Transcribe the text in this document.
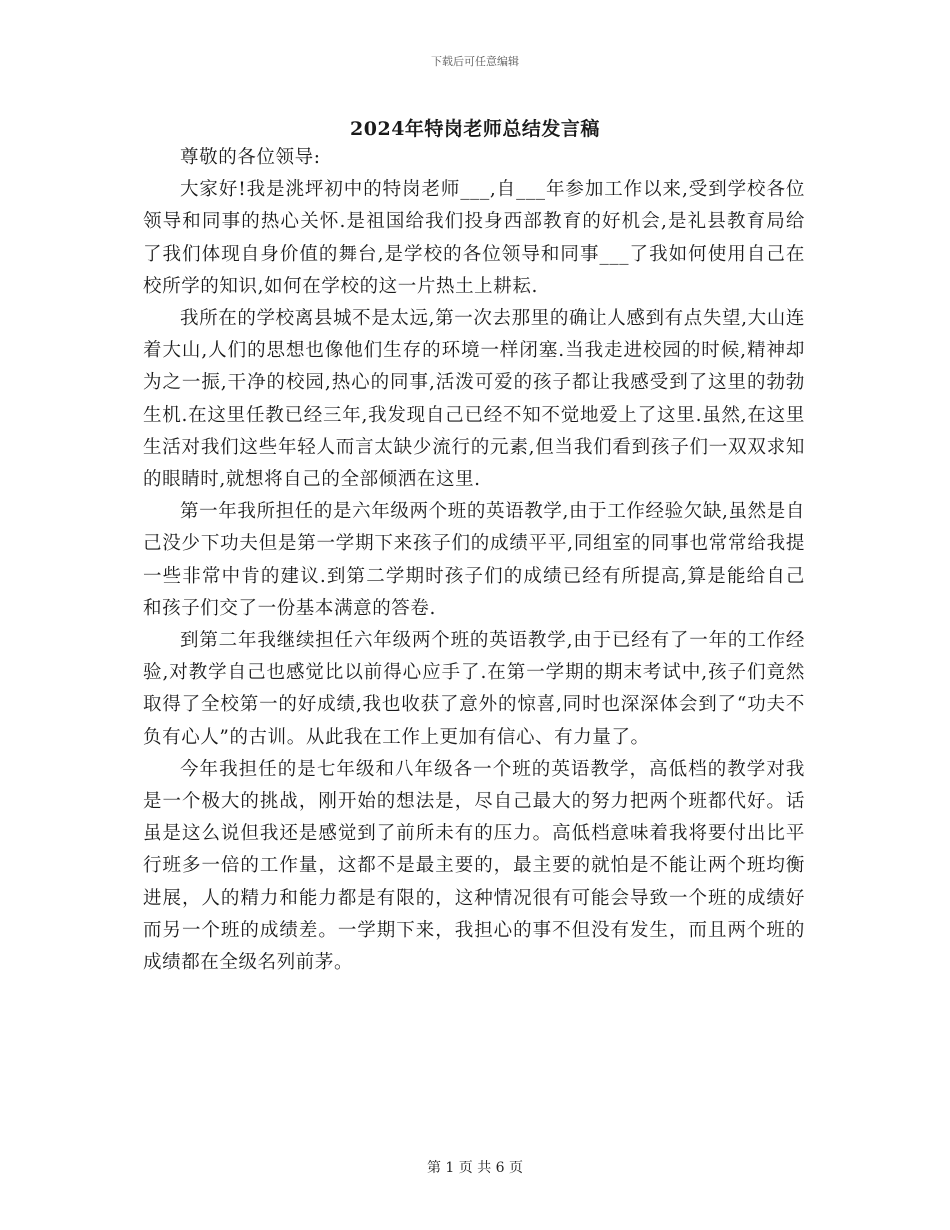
下载后可任意编辑
2024年特岗老师总结发言稿

尊敬的各位领导:

大家好!我是洮坪初中的特岗老师___,自___年参加工作以来,受到学校各位领导和同事的热心关怀.是祖国给我们投身西部教育的好机会,是礼县教育局给了我们体现自身价值的舞台,是学校的各位领导和同事___了我如何使用自己在校所学的知识,如何在学校的这一片热土上耕耘.

我所在的学校离县城不是太远,第一次去那里的确让人感到有点失望,大山连着大山,人们的思想也像他们生存的环境一样闭塞.当我走进校园的时候,精神却为之一振,干净的校园,热心的同事,活泼可爱的孩子都让我感受到了这里的勃勃生机.在这里任教已经三年,我发现自己已经不知不觉地爱上了这里.虽然,在这里生活对我们这些年轻人而言太缺少流行的元素,但当我们看到孩子们一双双求知的眼睛时,就想将自己的全部倾洒在这里.

第一年我所担任的是六年级两个班的英语教学,由于工作经验欠缺,虽然是自己没少下功夫但是第一学期下来孩子们的成绩平平,同组室的同事也常常给我提一些非常中肯的建议.到第二学期时孩子们的成绩已经有所提高,算是能给自己和孩子们交了一份基本满意的答卷.

到第二年我继续担任六年级两个班的英语教学,由于已经有了一年的工作经验,对教学自己也感觉比以前得心应手了.在第一学期的期末考试中,孩子们竟然取得了全校第一的好成绩,我也收获了意外的惊喜,同时也深深体会到了“功夫不负有心人”的古训。从此我在工作上更加有信心、有力量了。

今年我担任的是七年级和八年级各一个班的英语教学，高低档的教学对我是一个极大的挑战，刚开始的想法是，尽自己最大的努力把两个班都代好。话虽是这么说但我还是感觉到了前所未有的压力。高低档意味着我将要付出比平行班多一倍的工作量，这都不是最主要的，最主要的就怕是不能让两个班均衡进展，人的精力和能力都是有限的，这种情况很有可能会导致一个班的成绩好而另一个班的成绩差。一学期下来，我担心的事不但没有发生，而且两个班的成绩都在全级名列前茅。

第 1 页 共 6 页
